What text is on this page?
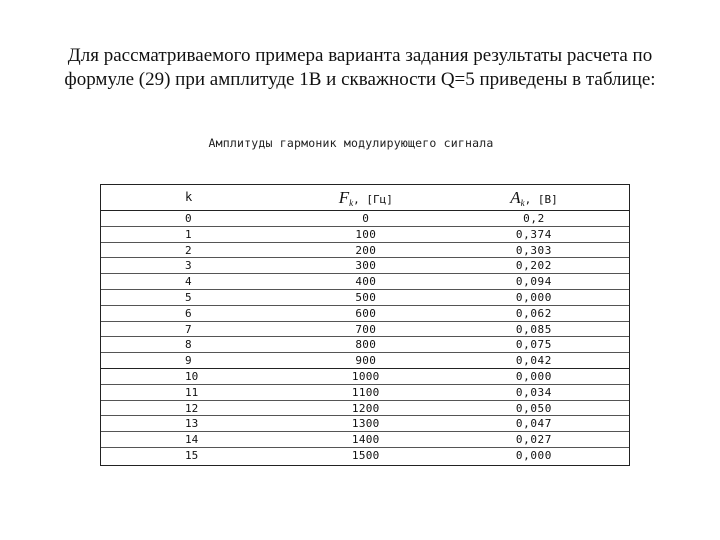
Для рассматриваемого примера варианта задания результаты расчета по
формуле (29) при амплитуде 1В и скважности Q=5 приведены в таблице:
Амплитуды гармоник модулирующего сигнала
k	$F_k$, [Гц]	$A_k$, [В]
0	0	0,2
1	100	0,374
2	200	0,303
3	300	0,202
4	400	0,094
5	500	0,000
6	600	0,062
7	700	0,085
8	800	0,075
9	900	0,042
10	1000	0,000
11	1100	0,034
12	1200	0,050
13	1300	0,047
14	1400	0,027
15	1500	0,000
